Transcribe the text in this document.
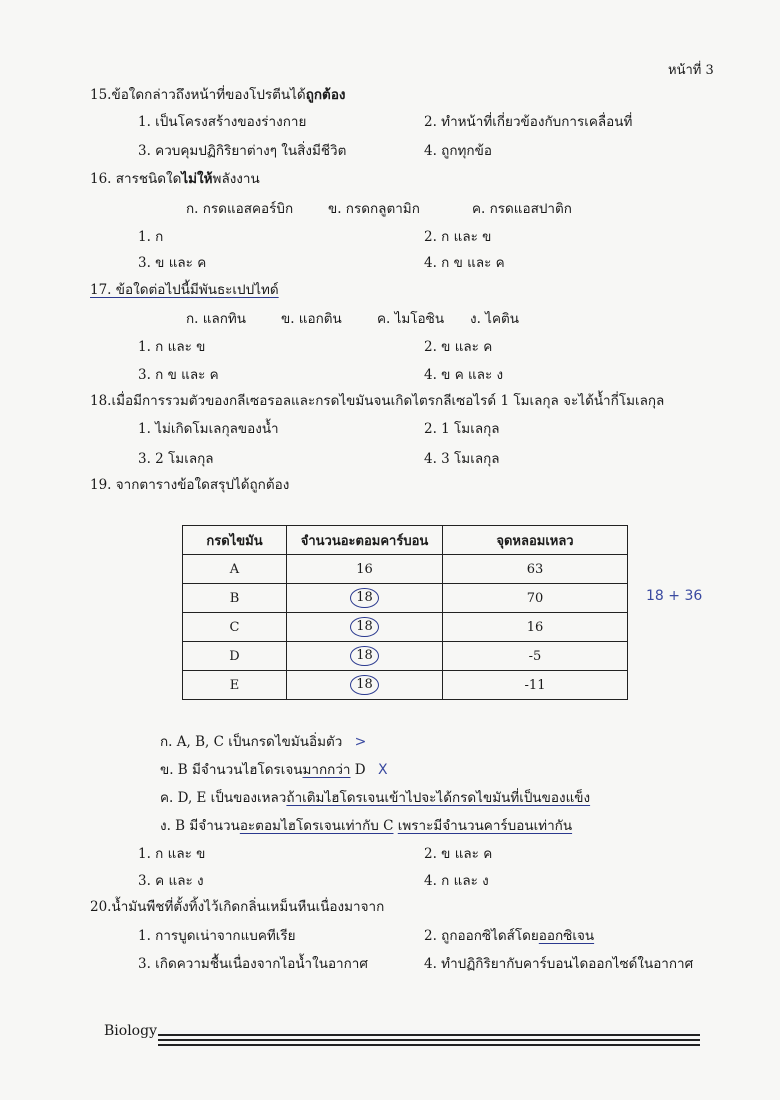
หน้าที่ 3
15.ข้อใดกล่าวถึงหน้าที่ของโปรตีนได้ถูกต้อง
1. เป็นโครงสร้างของร่างกาย	2. ทำหน้าที่เกี่ยวข้องกับการเคลื่อนที่
3. ควบคุมปฏิกิริยาต่างๆ ในสิ่งมีชีวิต	4. ถูกทุกข้อ
16. สารชนิดใดไม่ให้พลังงาน
ก. กรดแอสคอร์บิก	ข. กรดกลูตามิก	ค. กรดแอสปาติก
1. ก	2. ก และ ข
3. ข และ ค	4. ก ข และ ค
17. ข้อใดต่อไปนี้มีพันธะเปปไทด์
ก. แลกทิน	ข. แอกติน	ค. ไมโอซิน ง. ไคติน
1. ก และ ข	2. ข และ ค
3. ก ข และ ค	4. ข ค และ ง
18.เมื่อมีการรวมตัวของกลีเซอรอลและกรดไขมันจนเกิดไตรกลีเซอไรด์ 1 โมเลกุล จะได้น้ำกี่โมเลกุล
1. ไม่เกิดโมเลกุลของน้ำ	2. 1 โมเลกุล
3. 2 โมเลกุล	4. 3 โมเลกุล
19. จากตารางข้อใดสรุปได้ถูกต้อง
กรดไขมัน	จำนวนอะตอมคาร์บอน	จุดหลอมเหลว
A	16	63
B	18	70
C	18	16
D	18	-5
E	18	-11
18 + 36
ก. A, B, C เป็นกรดไขมันอิ่มตัว >
ข. B มีจำนวนไฮโดรเจนมากกว่า D X
ค. D, E เป็นของเหลวถ้าเติมไฮโดรเจนเข้าไปจะได้กรดไขมันที่เป็นของแข็ง
ง. B มีจำนวนอะตอมไฮโดรเจนเท่ากับ C เพราะมีจำนวนคาร์บอนเท่ากัน
1. ก และ ข	2. ข และ ค
3. ค และ ง	4. ก และ ง
20.น้ำมันพืชที่ตั้งทิ้งไว้เกิดกลิ่นเหม็นหืนเนื่องมาจาก
1. การบูดเน่าจากแบคทีเรีย	2. ถูกออกซิไดส์โดยออกซิเจน
3. เกิดความชื้นเนื่องจากไอน้ำในอากาศ	4. ทำปฏิกิริยากับคาร์บอนไดออกไซด์ในอากาศ
Biology
